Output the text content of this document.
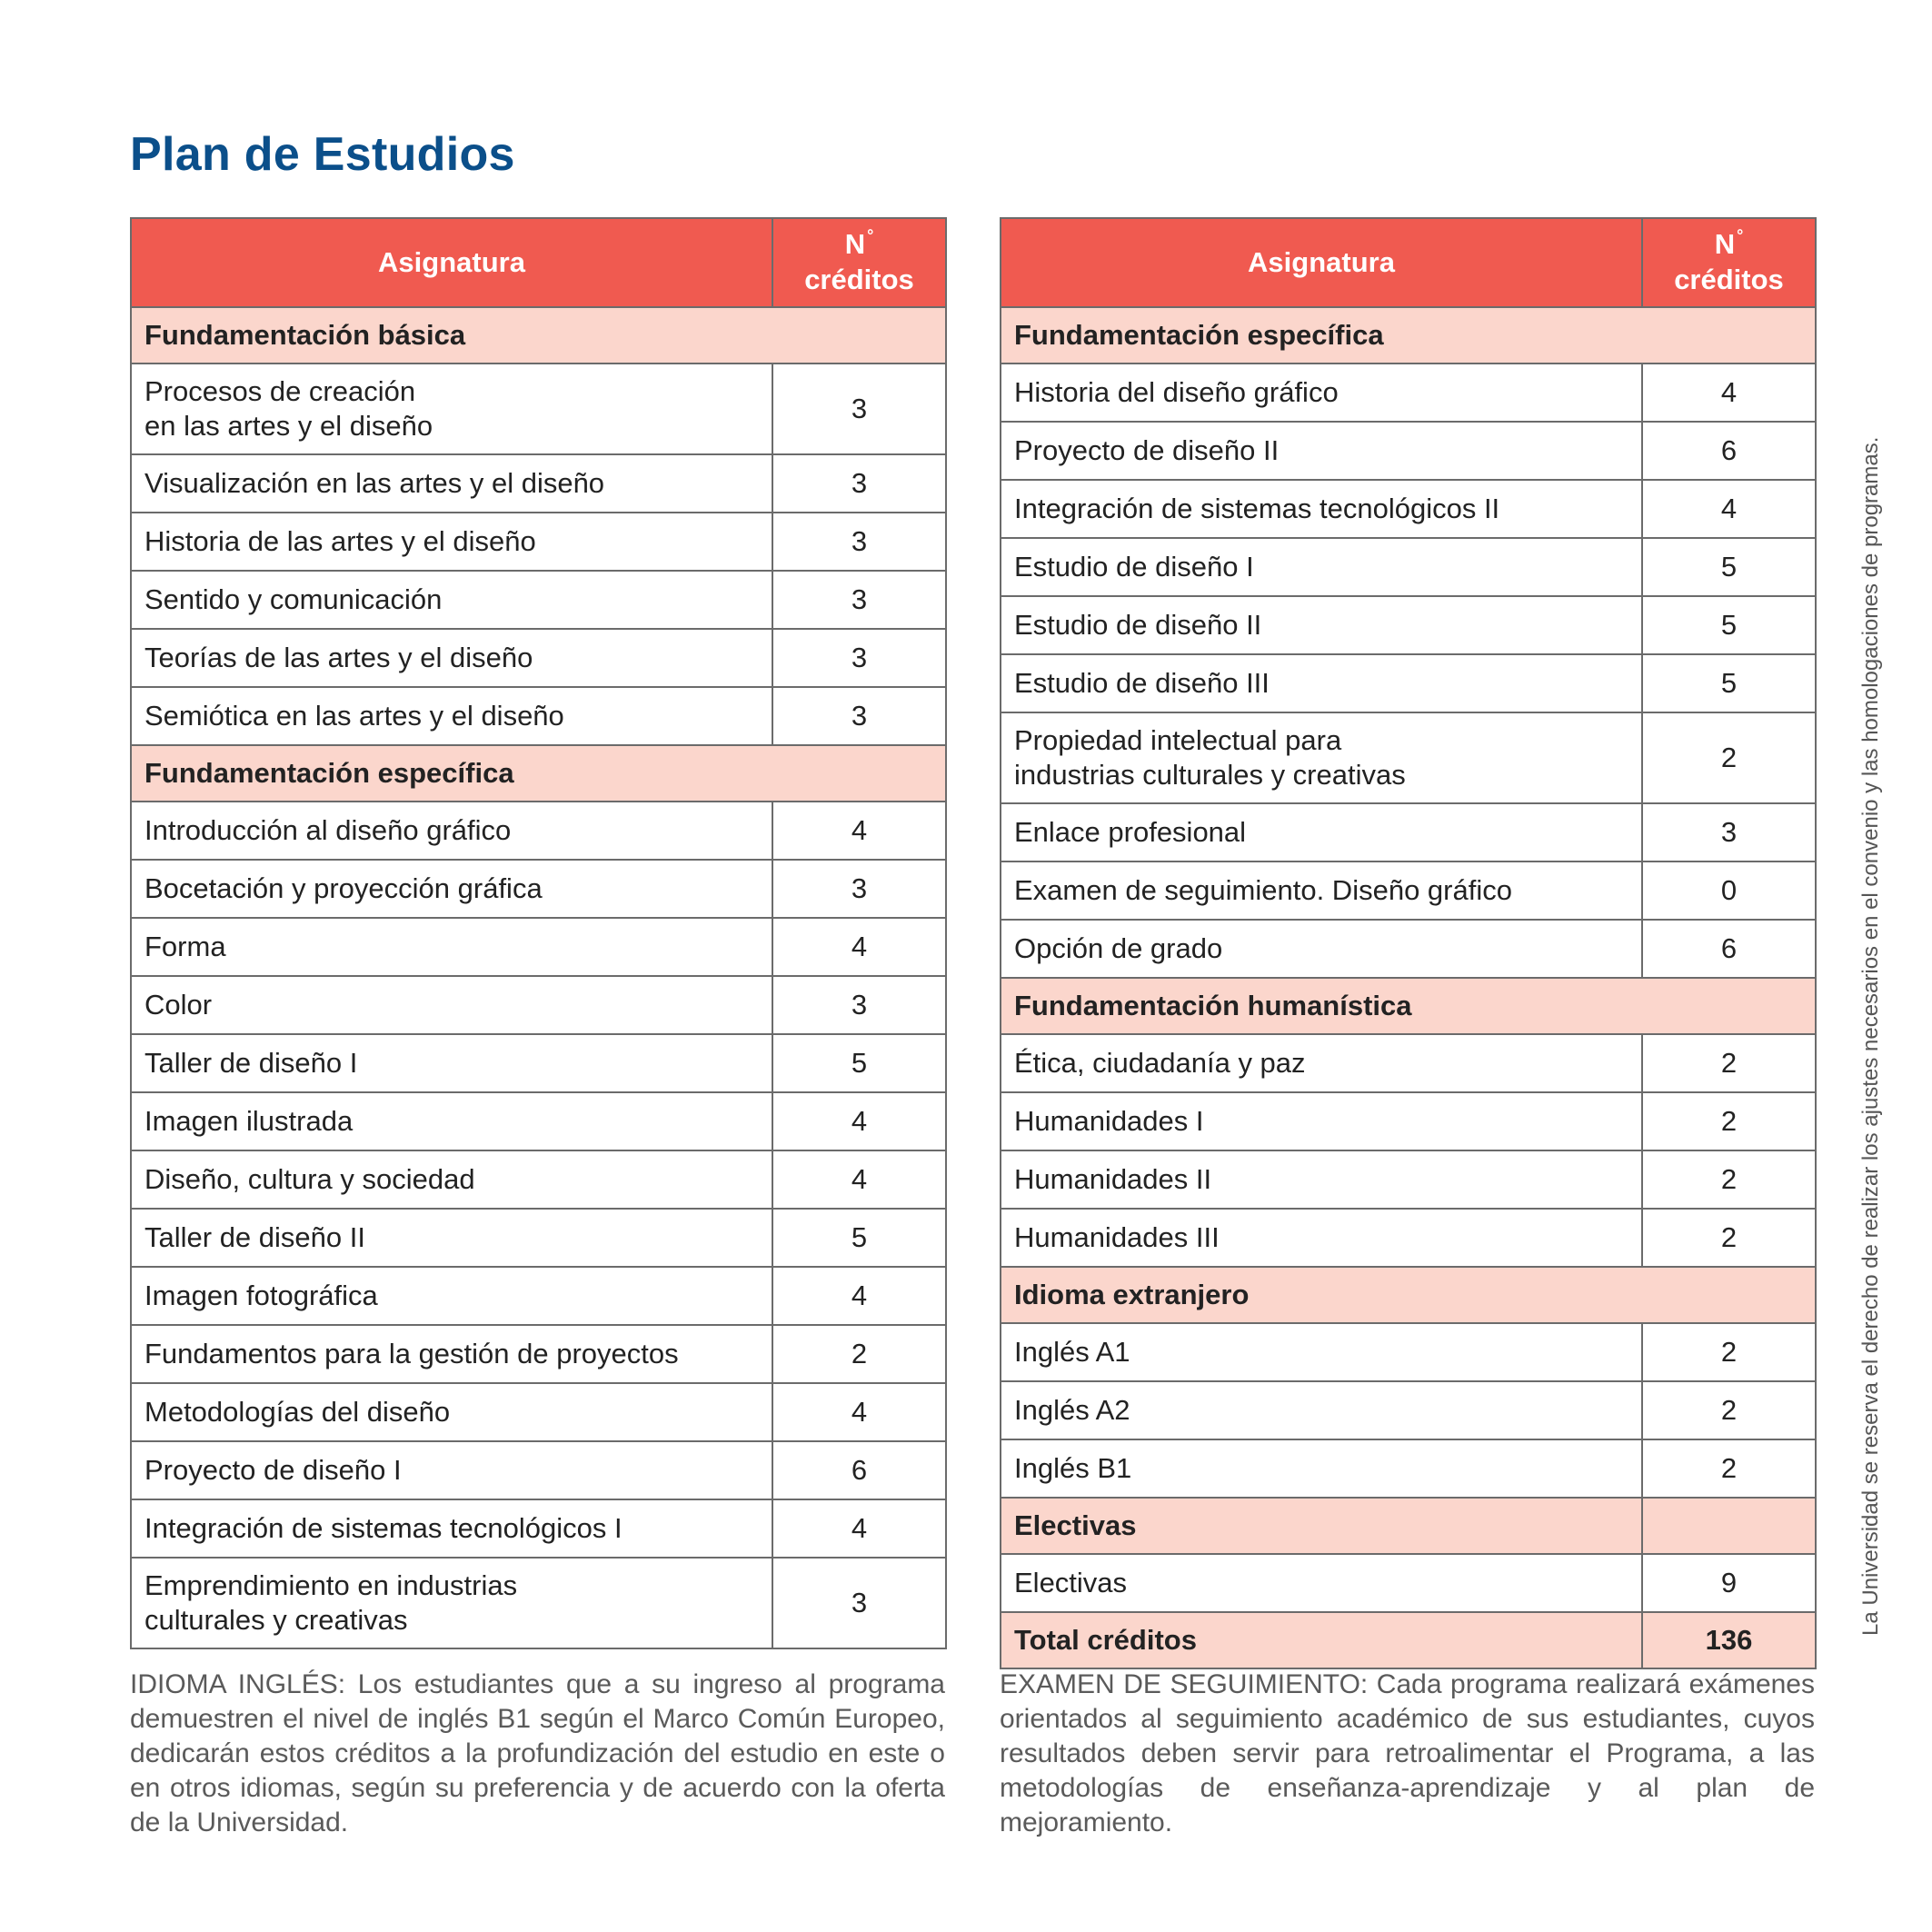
Plan de Estudios
Asignatura	N °
créditos
Fundamentación básica	
Procesos de creación
en las artes y el diseño	3
Visualización en las artes y el diseño	3
Historia de las artes y el diseño	3
Sentido y comunicación	3
Teorías de las artes y el diseño	3
Semiótica en las artes y el diseño	3
Fundamentación específica	
Introducción al diseño gráfico	4
Bocetación y proyección gráfica	3
Forma	4
Color	3
Taller de diseño I	5
Imagen ilustrada	4
Diseño, cultura y sociedad	4
Taller de diseño II	5
Imagen fotográfica	4
Fundamentos para la gestión de proyectos	2
Metodologías del diseño	4
Proyecto de diseño I	6
Integración de sistemas tecnológicos I	4
Emprendimiento en industrias
culturales y creativas	3
Asignatura	N °
créditos
Fundamentación específica	
Historia del diseño gráfico	4
Proyecto de diseño II	6
Integración de sistemas tecnológicos II	4
Estudio de diseño I	5
Estudio de diseño II	5
Estudio de diseño III	5
Propiedad intelectual para
industrias culturales y creativas	2
Enlace profesional	3
Examen de seguimiento. Diseño gráfico	0
Opción de grado	6
Fundamentación humanística	
Ética, ciudadanía y paz	2
Humanidades I	2
Humanidades II	2
Humanidades III	2
Idioma extranjero	
Inglés A1	2
Inglés A2	2
Inglés B1	2
Electivas	
Electivas	9
Total créditos	136

IDIOMA INGLÉS: Los estudiantes que a su ingreso al programa demuestren el nivel de inglés B1 según el Marco Común Europeo, dedicarán estos créditos a la profundización del estudio en este o en otros idiomas, según su preferencia y de acuerdo con la oferta de la Universidad.

EXAMEN DE SEGUIMIENTO: Cada programa realizará exámenes orientados al seguimiento académico de sus estudiantes, cuyos resultados deben servir para retroalimentar el Programa, a las metodologías de enseñanza-aprendizaje y al plan de mejoramiento.

La Universidad se reserva el derecho de realizar los ajustes necesarios en el convenio y las homologaciones de programas.
